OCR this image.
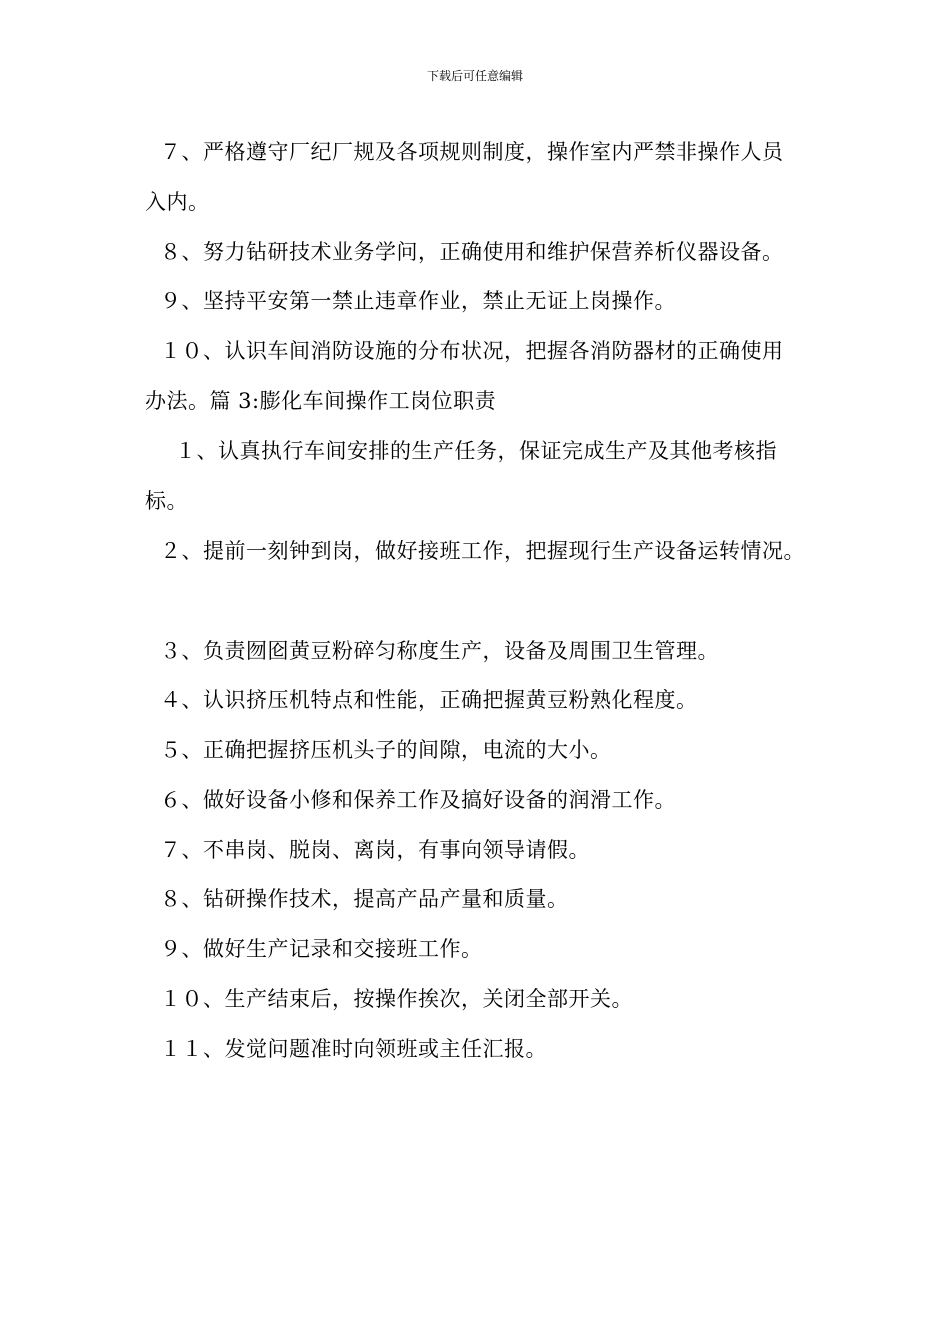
下载后可任意编辑
７、严格遵守厂纪厂规及各项规则制度，操作室内严禁非操作人员
入内。
８、努力钻研技术业务学问，正确使用和维护保营养析仪器设备。
９、坚持平安第一禁止违章作业，禁止无证上岗操作。
１０、认识车间消防设施的分布状况，把握各消防器材的正确使用
办法。篇 3:膨化车间操作工岗位职责
１、认真执行车间安排的生产任务，保证完成生产及其他考核指
标。
２、提前一刻钟到岗，做好接班工作，把握现行生产设备运转情况。
３、负责囫囵黄豆粉碎匀称度生产，设备及周围卫生管理。
４、认识挤压机特点和性能，正确把握黄豆粉熟化程度。
５、正确把握挤压机头子的间隙，电流的大小。
６、做好设备小修和保养工作及搞好设备的润滑工作。
７、不串岗、脱岗、离岗，有事向领导请假。
８、钻研操作技术，提高产品产量和质量。
９、做好生产记录和交接班工作。
１０、生产结束后，按操作挨次，关闭全部开关。
１１、发觉问题准时向领班或主任汇报。
